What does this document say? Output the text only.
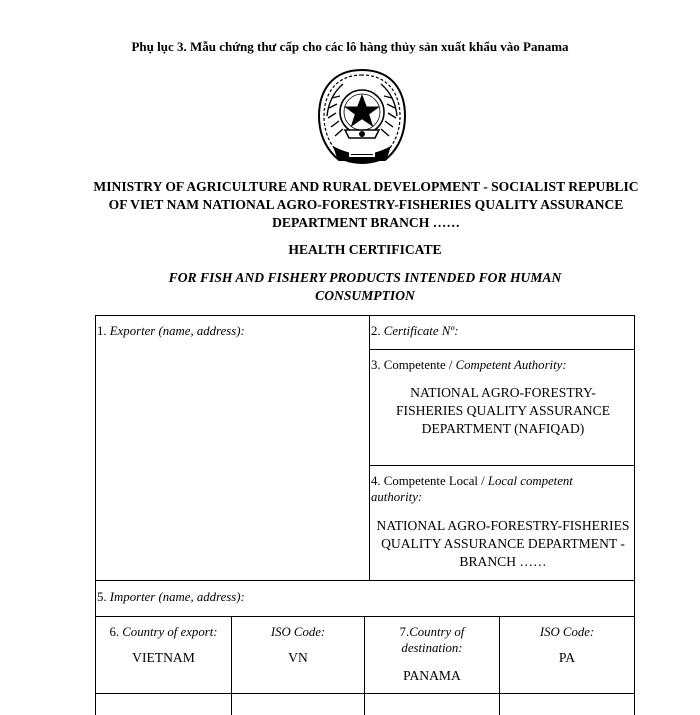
Phụ lục 3. Mẫu chứng thư cấp cho các lô hàng thủy sản xuất khẩu vào Panama
MINISTRY OF AGRICULTURE AND RURAL DEVELOPMENT - SOCIALIST REPUBLIC OF VIET NAM NATIONAL AGRO-FORESTRY-FISHERIES QUALITY ASSURANCE DEPARTMENT BRANCH ……
HEALTH CERTIFICATE
FOR FISH AND FISHERY PRODUCTS INTENDED FOR HUMAN CONSUMPTION
1. Exporter (name, address):	2. Certificate Nº:
3. Competente / Competent Authority:
NATIONAL AGRO-FORESTRY-FISHERIES QUALITY ASSURANCE DEPARTMENT (NAFIQAD)
4. Competente Local / Local competent authority:
NATIONAL AGRO-FORESTRY-FISHERIES QUALITY ASSURANCE DEPARTMENT - BRANCH ……
5. Importer (name, address):
6. Country of export:
VIETNAM
ISO Code:
VN
7.Country of destination:
PANAMA
ISO Code:
PA
